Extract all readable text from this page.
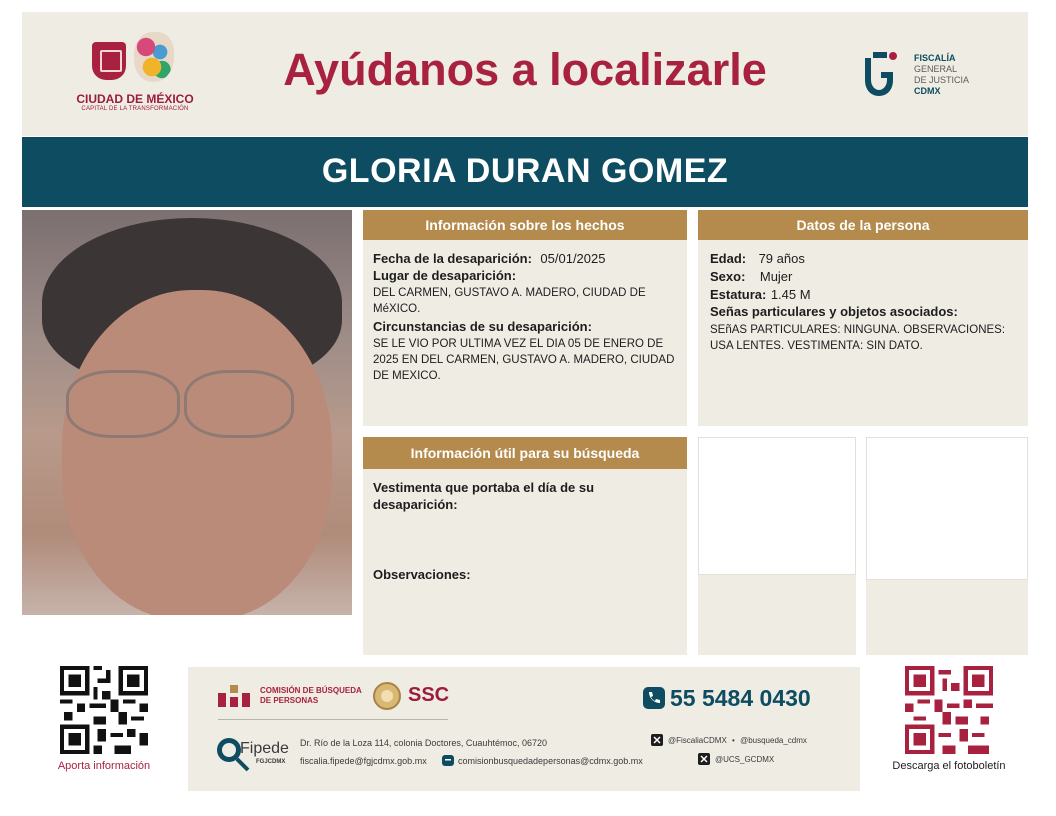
CIUDAD DE MÉXICO
CAPITAL DE LA TRANSFORMACIÓN
Ayúdanos a localizarle	FISCALÍA
GENERAL
DE JUSTICIA
CDMX
GLORIA DURAN GOMEZ
Información sobre los hechos
Fecha de la desaparición: 05/01/2025
Lugar de desaparición:
DEL CARMEN, GUSTAVO A. MADERO, CIUDAD DE MéXICO.
Circunstancias de su desaparición:
SE LE VIO POR ULTIMA VEZ EL DIA 05 DE ENERO DE 2025 EN DEL CARMEN, GUSTAVO A. MADERO, CIUDAD DE MEXICO.
Datos de la persona
Edad: 79 años
Sexo: Mujer
Estatura: 1.45 M
Señas particulares y objetos asociados:
SEñAS PARTICULARES: NINGUNA. OBSERVACIONES: USA LENTES. VESTIMENTA: SIN DATO.
Información útil para su búsqueda
Vestimenta que portaba el día de su desaparición:
Observaciones:
Aporta información
COMISIÓN DE BÚSQUEDA DE PERSONAS	SSC	55 5484 0430
Fipede
FGJCDMX
Dr. Río de la Loza 114, colonia Doctores, Cuauhtémoc, 06720
fiscalia.fipede@fgjcdmx.gob.mx	comisionbusquedadepersonas@cdmx.gob.mx
@FiscaliaCDMX • @busqueda_cdmx
@UCS_GCDMX
Descarga el fotoboletín
